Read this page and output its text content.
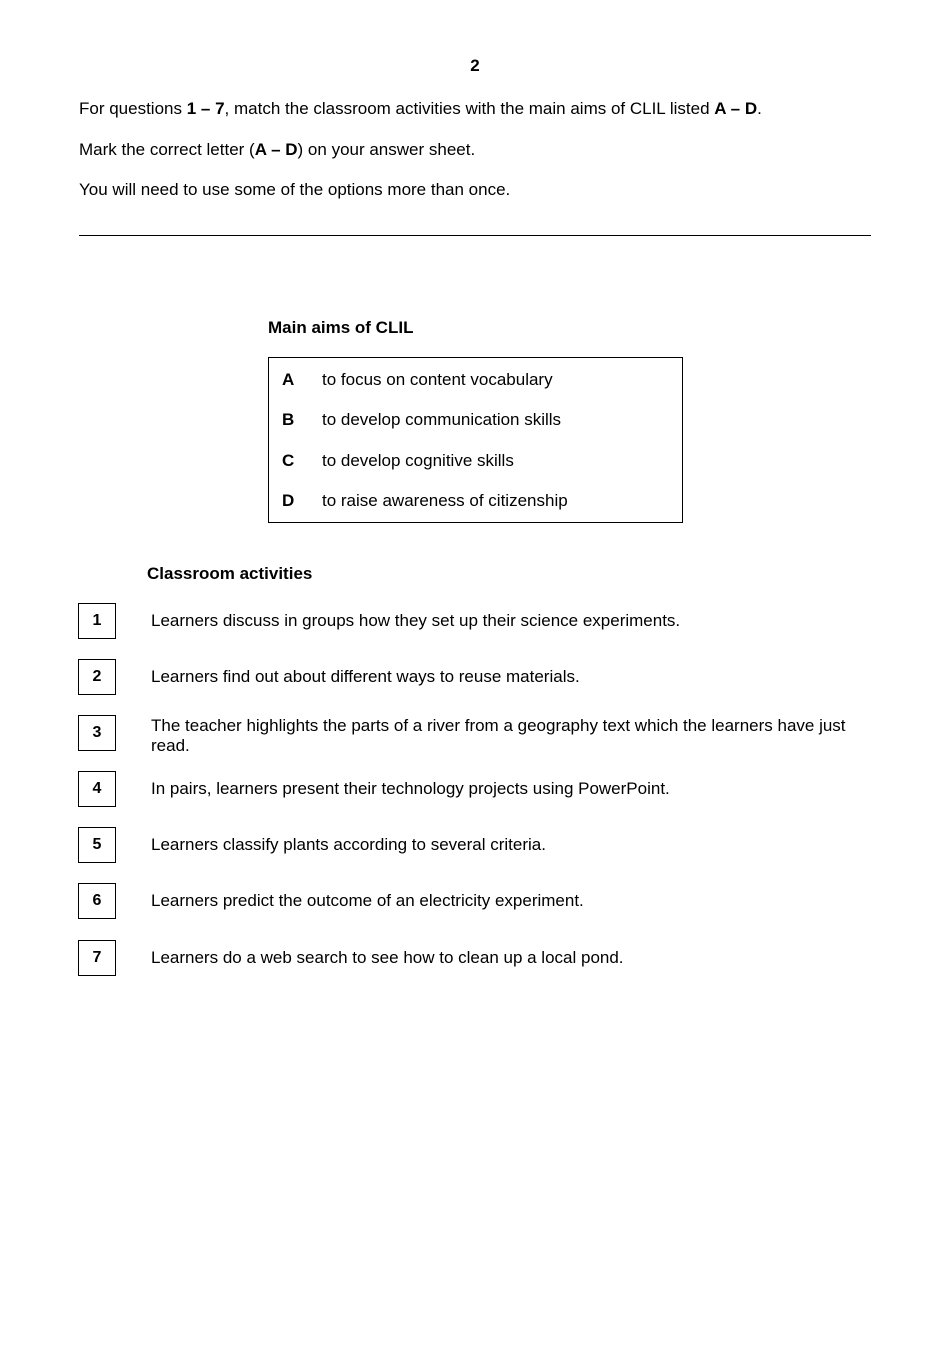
2
For questions 1 – 7, match the classroom activities with the main aims of CLIL listed A – D.
Mark the correct letter (A – D) on your answer sheet.
You will need to use some of the options more than once.
Main aims of CLIL
A to focus on content vocabulary
B to develop communication skills
C to develop cognitive skills
D to raise awareness of citizenship
Classroom activities
1	Learners discuss in groups how they set up their science experiments.
2	Learners find out about different ways to reuse materials.
3	The teacher highlights the parts of a river from a geography text which the learners have just read.
4	In pairs, learners present their technology projects using PowerPoint.
5	Learners classify plants according to several criteria.
6	Learners predict the outcome of an electricity experiment.
7	Learners do a web search to see how to clean up a local pond.
